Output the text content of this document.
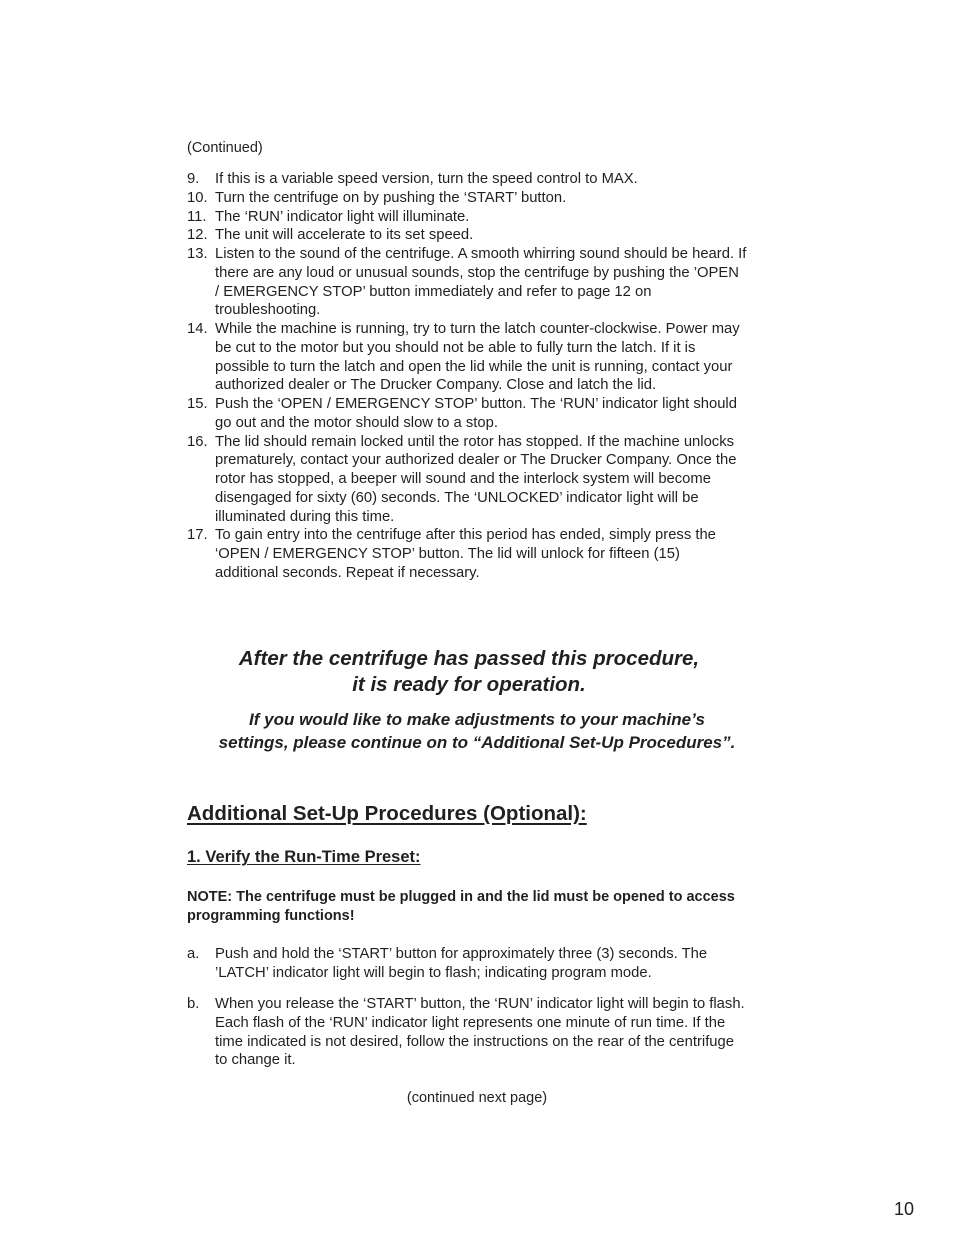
(Continued)
9.	If this is a variable speed version, turn the speed control to MAX.
10. Turn the centrifuge on by pushing the ‘START’ button.
11. The ‘RUN’ indicator light will illuminate.
12. The unit will accelerate to its set speed.
13. Listen to the sound of the centrifuge. A smooth whirring sound should be heard. If there are any loud or unusual sounds, stop the centrifuge by pushing the ’OPEN / EMERGENCY STOP’ button immediately and refer to page 12 on troubleshooting.
14. While the machine is running, try to turn the latch counter-clockwise. Power may be cut to the motor but you should not be able to fully turn the latch. If it is possible to turn the latch and open the lid while the unit is running, contact your authorized dealer or The Drucker Company. Close and latch the lid.
15. Push the ‘OPEN / EMERGENCY STOP’ button. The ‘RUN’ indicator light should go out and the motor should slow to a stop.
16. The lid should remain locked until the rotor has stopped. If the machine unlocks prematurely, contact your authorized dealer or The Drucker Company. Once the rotor has stopped, a beeper will sound and the interlock system will become disengaged for sixty (60) seconds. The ‘UNLOCKED’ indicator light will be illuminated during this time.
17. To gain entry into the centrifuge after this period has ended, simply press the ‘OPEN / EMERGENCY STOP’ button. The lid will unlock for fifteen (15) additional seconds. Repeat if necessary.
After the centrifuge has passed this procedure,
it is ready for operation.
If you would like to make adjustments to your machine’s
settings, please continue on to “Additional Set-Up Procedures”.
Additional Set-Up Procedures (Optional):
1. Verify the Run-Time Preset:
NOTE: The centrifuge must be plugged in and the lid must be opened to access programming functions!
a.	Push and hold the ‘START’ button for approximately three (3) seconds. The ’LATCH’ indicator light will begin to flash; indicating program mode.
b.	When you release the ‘START’ button, the ‘RUN’ indicator light will begin to flash. Each flash of the ‘RUN’ indicator light represents one minute of run time. If the time indicated is not desired, follow the instructions on the rear of the centrifuge to change it.
(continued next page)
10
